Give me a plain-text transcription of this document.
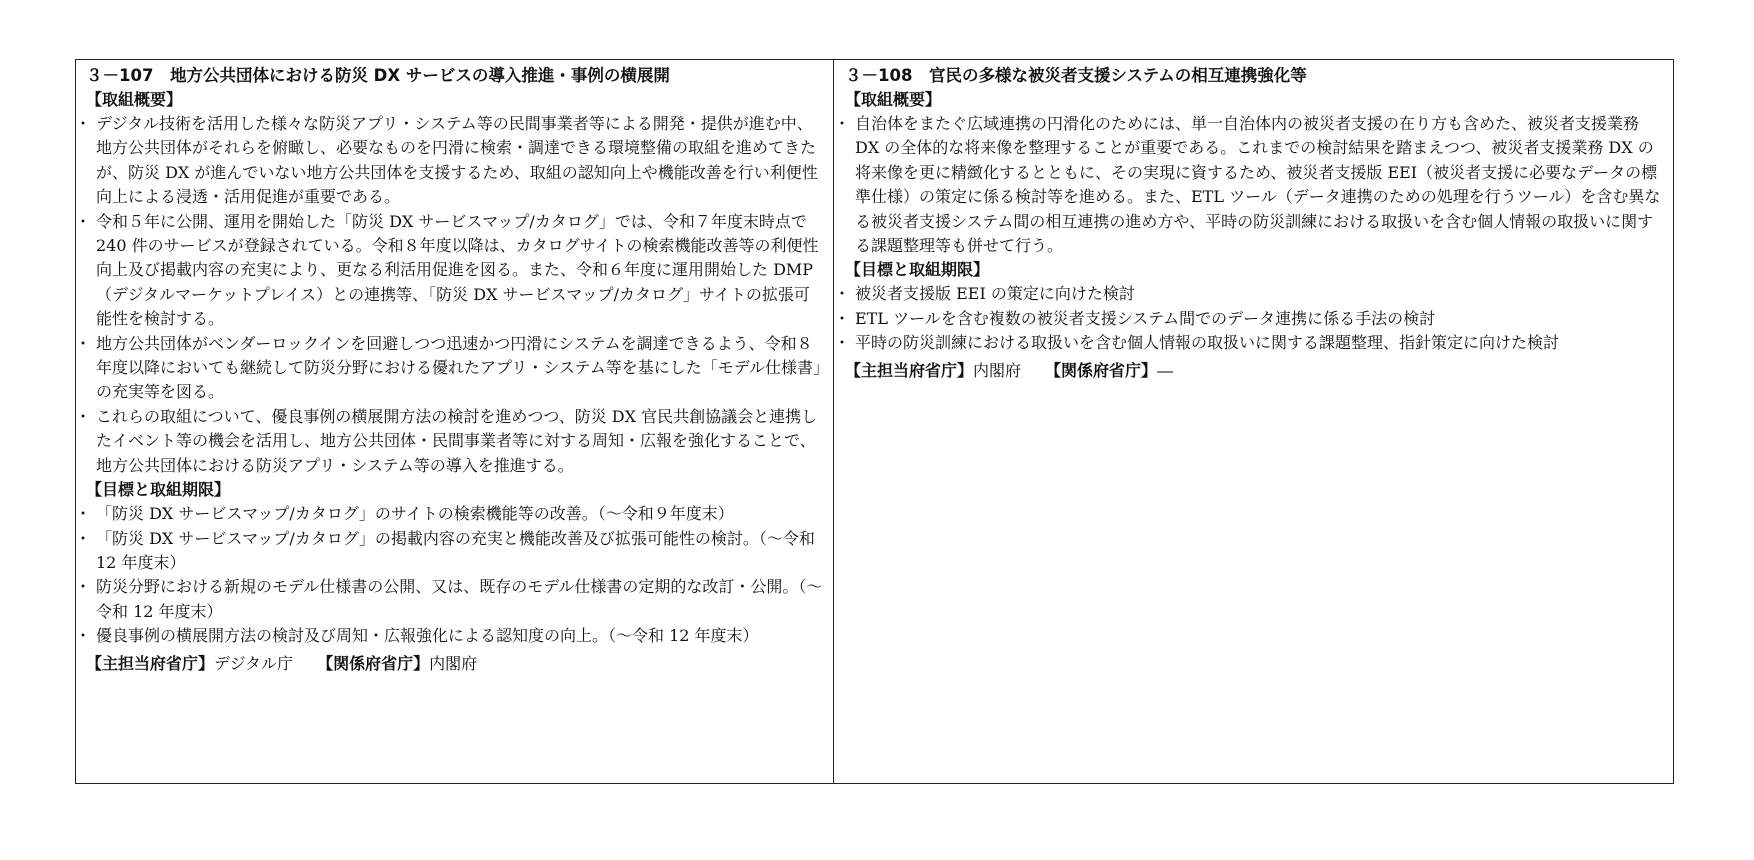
３－107　地方公共団体における防災 DX サービスの導入推進・事例の横展開
【取組概要】
・ デジタル技術を活用した様々な防災アプリ・システム等の民間事業者等による開発・提供が進む中、地方公共団体がそれらを俯瞰し、必要なものを円滑に検索・調達できる環境整備の取組を進めてきたが、防災 DX が進んでいない地方公共団体を支援するため、取組の認知向上や機能改善を行い利便性向上による浸透・活用促進が重要である。
・ 令和５年に公開、運用を開始した「防災 DX サービスマップ/カタログ」では、令和７年度末時点で 240 件のサービスが登録されている。令和８年度以降は、カタログサイトの検索機能改善等の利便性向上及び掲載内容の充実により、更なる利活用促進を図る。また、令和６年度に運用開始した DMP（デジタルマーケットプレイス）との連携等、「防災 DX サービスマップ/カタログ」サイトの拡張可能性を検討する。
・ 地方公共団体がベンダーロックインを回避しつつ迅速かつ円滑にシステムを調達できるよう、令和８年度以降においても継続して防災分野における優れたアプリ・システム等を基にした「モデル仕様書」の充実等を図る。
・ これらの取組について、優良事例の横展開方法の検討を進めつつ、防災 DX 官民共創協議会と連携したイベント等の機会を活用し、地方公共団体・民間事業者等に対する周知・広報を強化することで、地方公共団体における防災アプリ・システム等の導入を推進する。
【目標と取組期限】
・ 「防災 DX サービスマップ/カタログ」のサイトの検索機能等の改善。（～令和９年度末）
・ 「防災 DX サービスマップ/カタログ」の掲載内容の充実と機能改善及び拡張可能性の検討。（～令和 12 年度末）
・ 防災分野における新規のモデル仕様書の公開、又は、既存のモデル仕様書の定期的な改訂・公開。（～令和 12 年度末）
・ 優良事例の横展開方法の検討及び周知・広報強化による認知度の向上。（～令和 12 年度末）
【主担当府省庁】デジタル庁 【関係府省庁】内閣府
３－108　官民の多様な被災者支援システムの相互連携強化等
【取組概要】
・ 自治体をまたぐ広域連携の円滑化のためには、単一自治体内の被災者支援の在り方も含めた、被災者支援業務 DX の全体的な将来像を整理することが重要である。これまでの検討結果を踏まえつつ、被災者支援業務 DX の将来像を更に精緻化するとともに、その実現に資するため、被災者支援版 EEI（被災者支援に必要なデータの標準仕様）の策定に係る検討等を進める。また、ETL ツール（データ連携のための処理を行うツール）を含む異なる被災者支援システム間の相互連携の進め方や、平時の防災訓練における取扱いを含む個人情報の取扱いに関する課題整理等も併せて行う。
【目標と取組期限】
・ 被災者支援版 EEI の策定に向けた検討
・ ETL ツールを含む複数の被災者支援システム間でのデータ連携に係る手法の検討
・ 平時の防災訓練における取扱いを含む個人情報の取扱いに関する課題整理、指針策定に向けた検討
【主担当府省庁】内閣府 【関係府省庁】―
